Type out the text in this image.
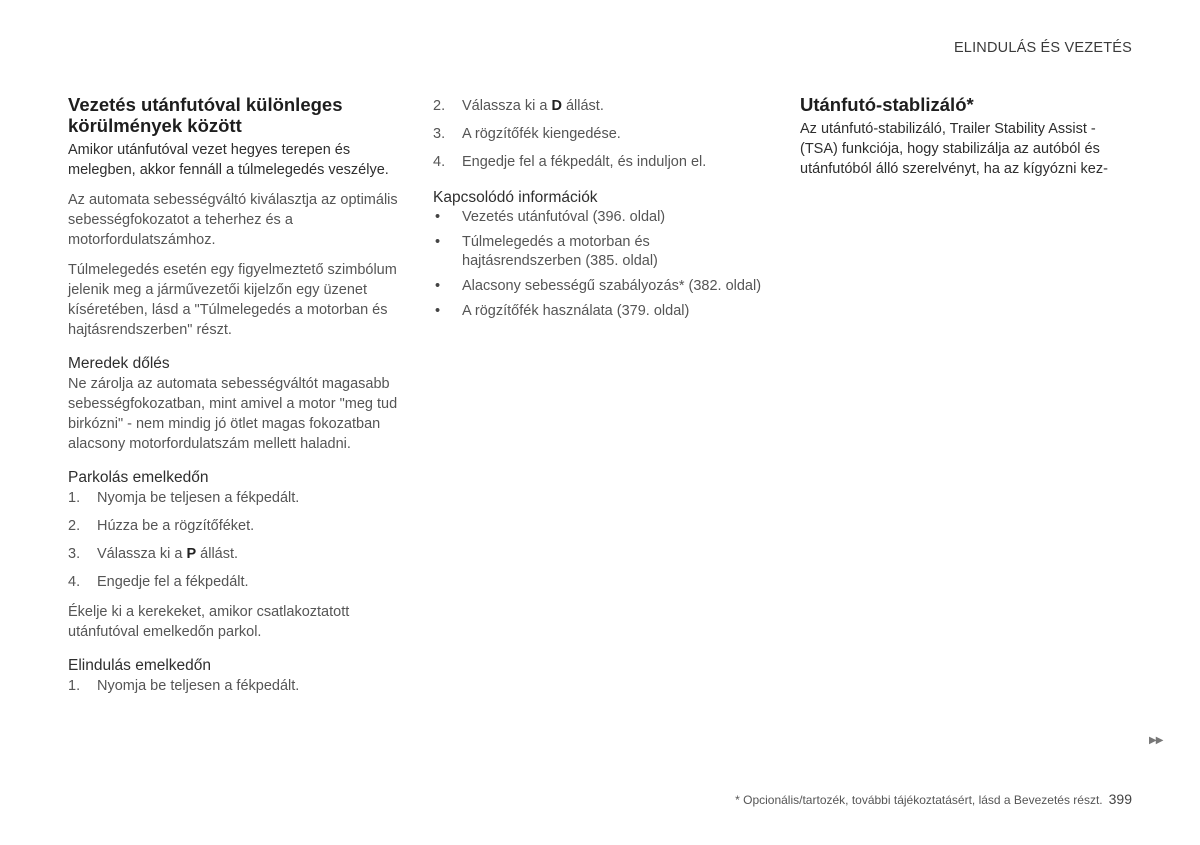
ELINDULÁS ÉS VEZETÉS
Vezetés utánfutóval különleges körülmények között
Amikor utánfutóval vezet hegyes terepen és melegben, akkor fennáll a túlmelegedés veszélye.

Az automata sebességváltó kiválasztja az optimális sebességfokozatot a teherhez és a motorfordulatszámhoz.

Túlmelegedés esetén egy figyelmeztető szimbólum jelenik meg a járművezetői kijelzőn egy üzenet kíséretében, lásd a "Túlmelegedés a motorban és hajtásrendszerben" részt.

Meredek dőlés

Ne zárolja az automata sebességváltót magasabb sebességfokozatban, mint amivel a motor "meg tud birkózni" - nem mindig jó ötlet magas fokozatban alacsony motorfordulatszám mellett haladni.

Parkolás emelkedőn
1. Nyomja be teljesen a fékpedált.
2. Húzza be a rögzítőféket.
3. Válassza ki a P állást.
4. Engedje fel a fékpedált.

Ékelje ki a kerekeket, amikor csatlakoztatott utánfutóval emelkedőn parkol.

Elindulás emelkedőn
1. Nyomja be teljesen a fékpedált.
2. Válassza ki a D állást.
3. A rögzítőfék kiengedése.
4. Engedje fel a fékpedált, és induljon el.
Kapcsolódó információk
• Vezetés utánfutóval (396. oldal)
• Túlmelegedés a motorban és hajtásrendszerben (385. oldal)
• Alacsony sebességű szabályozás* (382. oldal)
• A rögzítőfék használata (379. oldal)
Utánfutó-stablizáló*
Az utánfutó-stabilizáló, Trailer Stability Assist - (TSA) funkciója, hogy stabilizálja az autóból és utánfutóból álló szerelvényt, ha az kígyózni kez-
▶▶
* Opcionális/tartozék, további tájékoztatásért, lásd a Bevezetés részt. 399
